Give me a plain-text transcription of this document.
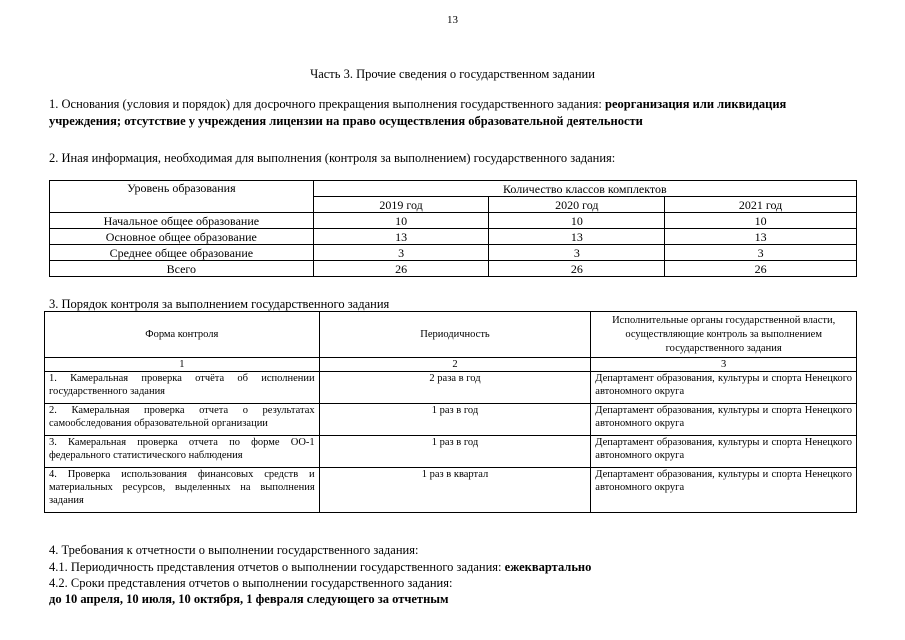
13
Часть 3. Прочие сведения о государственном задании
1. Основания (условия и порядок) для досрочного прекращения выполнения государственного задания: реорганизация или ликвидация
учреждения; отсутствие у учреждения лицензии на право осуществления образовательной деятельности
2. Иная информация, необходимая для выполнения (контроля за выполнением) государственного задания:
Уровень образования	Количество классов комплектов		
	2019 год	2020 год	2021 год
Начальное общее образование	10	10	10
Основное общее образование	13	13	13
Среднее общее образование	3	3	3
Всего	26	26	26
3. Порядок контроля за выполнением государственного задания
Форма контроля	Периодичность	Исполнительные органы государственной власти, осуществляющие контроль за выполнением государственного задания
1	2	3
1. Камеральная проверка отчёта об исполнении государственного задания	2 раза в год	Департамент образования, культуры и спорта Ненецкого автономного округа
2. Камеральная проверка отчета о результатах самообследования образовательной организации	1 раз в год	Департамент образования, культуры и спорта Ненецкого автономного округа
3. Камеральная проверка отчета по форме ОО-1 федерального статистического наблюдения	1 раз в год	Департамент образования, культуры и спорта Ненецкого автономного округа
4. Проверка использования финансовых средств и материальных ресурсов, выделенных на выполнения задания	1 раз в квартал	Департамент образования, культуры и спорта Ненецкого автономного округа
4. Требования к отчетности о выполнении государственного задания:
4.1. Периодичность представления отчетов о выполнении государственного задания: ежеквартально
4.2. Сроки представления отчетов о выполнении государственного задания:
до 10 апреля, 10 июля, 10 октября, 1 февраля следующего за отчетным
